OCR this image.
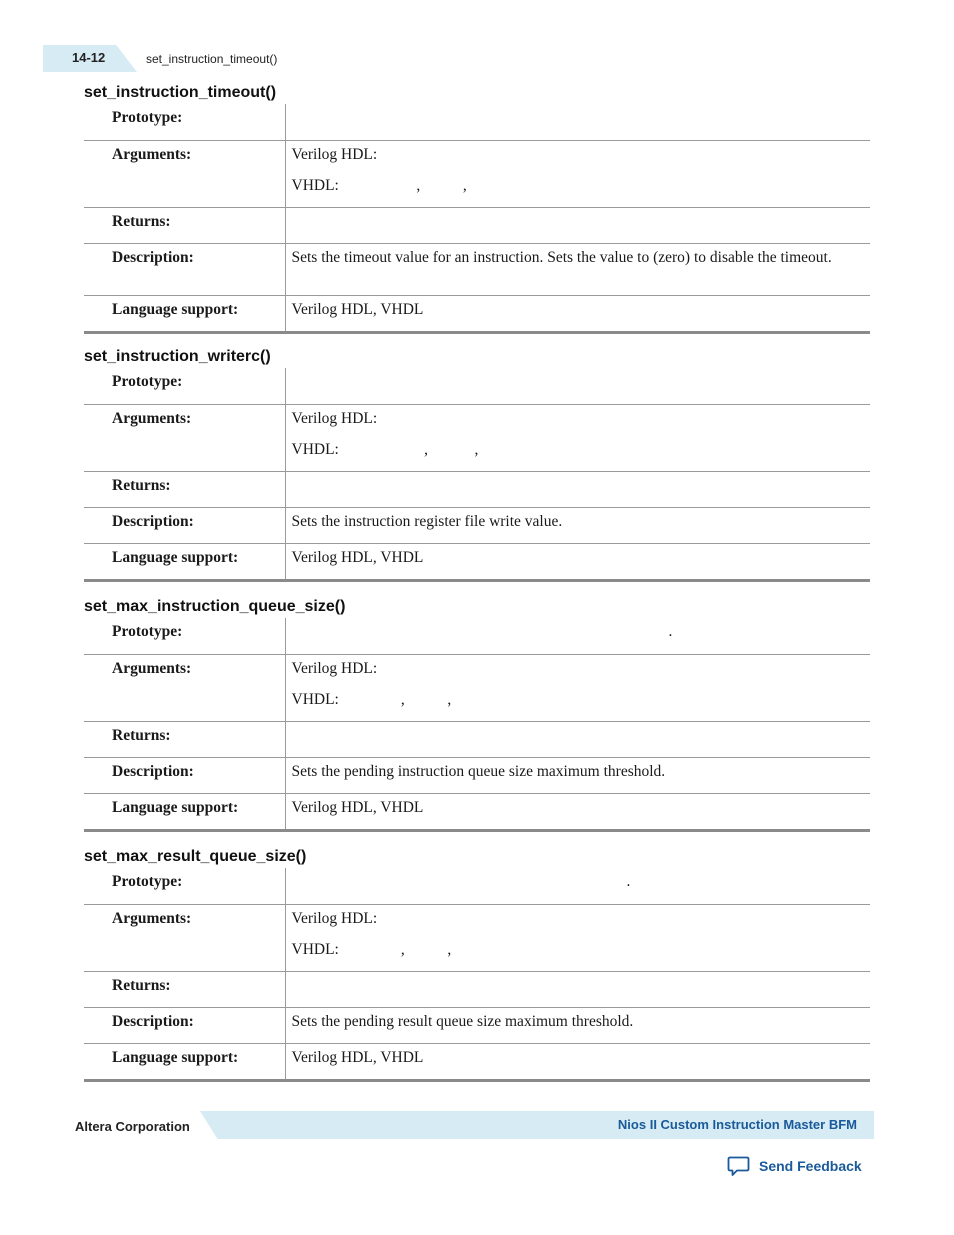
14-12	set_instruction_timeout()
set_instruction_timeout()
Prototype:	
Arguments:	Verilog HDL:
VHDL:                    ,           ,

Returns:	
Description:	Sets the timeout value for an instruction. Sets the value to (zero) to disable the timeout.
Language support:	Verilog HDL, VHDL
set_instruction_writerc()
Prototype:	
Arguments:	Verilog HDL:
VHDL:                      ,            ,

Returns:	
Description:	Sets the instruction register file write value.
Language support:	Verilog HDL, VHDL
set_max_instruction_queue_size()
Prototype:	.
Arguments:	Verilog HDL:
VHDL:                ,           ,

Returns:	
Description:	Sets the pending instruction queue size maximum threshold.
Language support:	Verilog HDL, VHDL
set_max_result_queue_size()
Prototype:	.
Arguments:	Verilog HDL:
VHDL:                ,           ,

Returns:	
Description:	Sets the pending result queue size maximum threshold.
Language support:	Verilog HDL, VHDL
Altera Corporation	Nios II Custom Instruction Master BFM
Send Feedback
